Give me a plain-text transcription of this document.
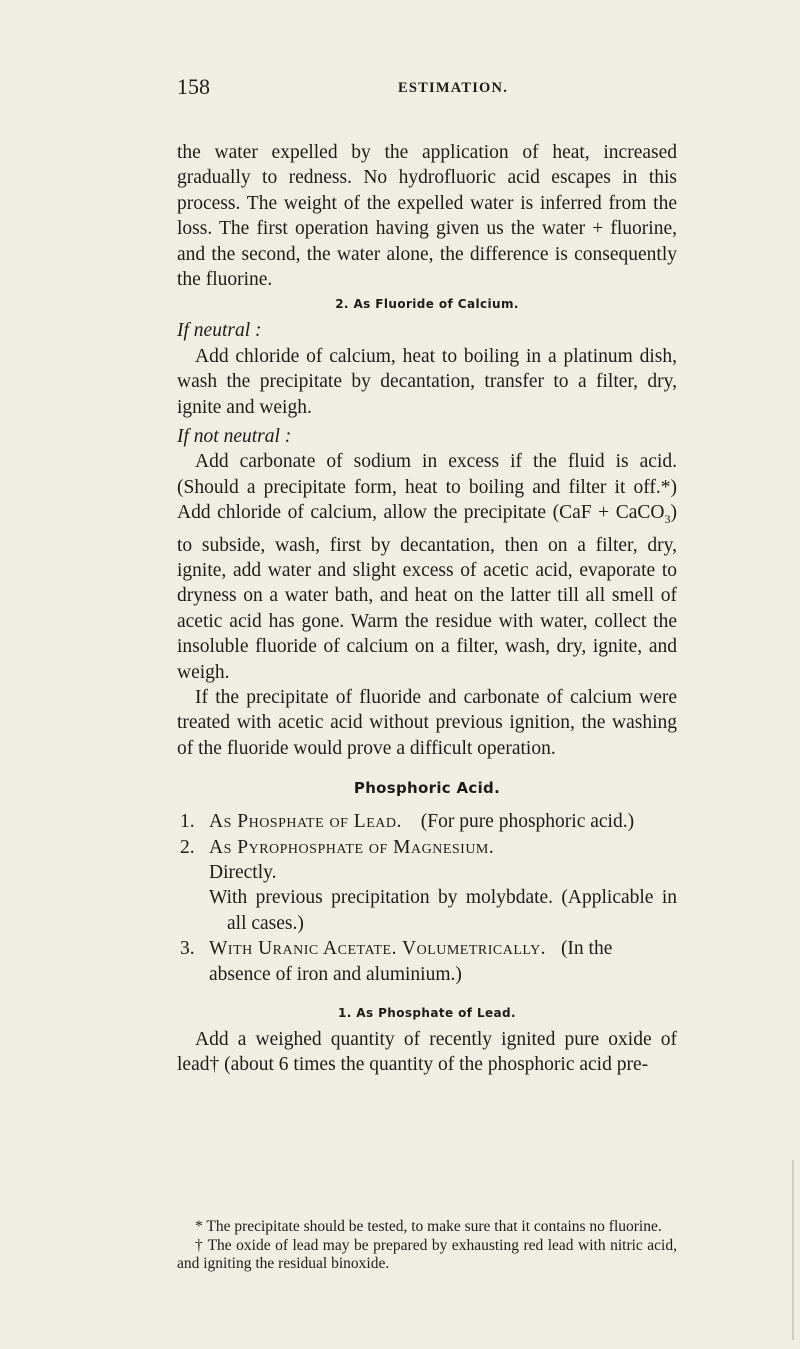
158	ESTIMATION.

the water expelled by the application of heat, increased gradually to redness. No hydrofluoric acid escapes in this process. The weight of the expelled water is inferred from the loss. The first operation having given us the water + fluorine, and the second, the water alone, the difference is consequently the fluorine.

2. As Fluoride of Calcium.

If neutral :

Add chloride of calcium, heat to boiling in a platinum dish, wash the precipitate by decantation, transfer to a filter, dry, ignite and weigh.

If not neutral :

Add carbonate of sodium in excess if the fluid is acid. (Should a precipitate form, heat to boiling and filter it off.*) Add chloride of calcium, allow the precipitate (CaF + CaCO$_3$) to subside, wash, first by decantation, then on a filter, dry, ignite, add water and slight excess of acetic acid, evaporate to dryness on a water bath, and heat on the latter till all smell of acetic acid has gone. Warm the residue with water, collect the insoluble fluoride of calcium on a filter, wash, dry, ignite, and weigh.

If the precipitate of fluoride and carbonate of calcium were treated with acetic acid without previous ignition, the washing of the fluoride would prove a difficult operation.

Phosphoric Acid.
1. As Phosphate of Lead. (For pure phosphoric acid.)
2. As Pyrophosphate of Magnesium.

Directly.

With previous precipitation by molybdate. (Applicable in all cases.)

3. With Uranic Acetate. Volumetrically. (In the absence of iron and aluminium.)
1. As Phosphate of Lead.

Add a weighed quantity of recently ignited pure oxide of lead† (about 6 times the quantity of the phosphoric acid pre-

* The precipitate should be tested, to make sure that it contains no fluorine.

† The oxide of lead may be prepared by exhausting red lead with nitric acid, and igniting the residual binoxide.
